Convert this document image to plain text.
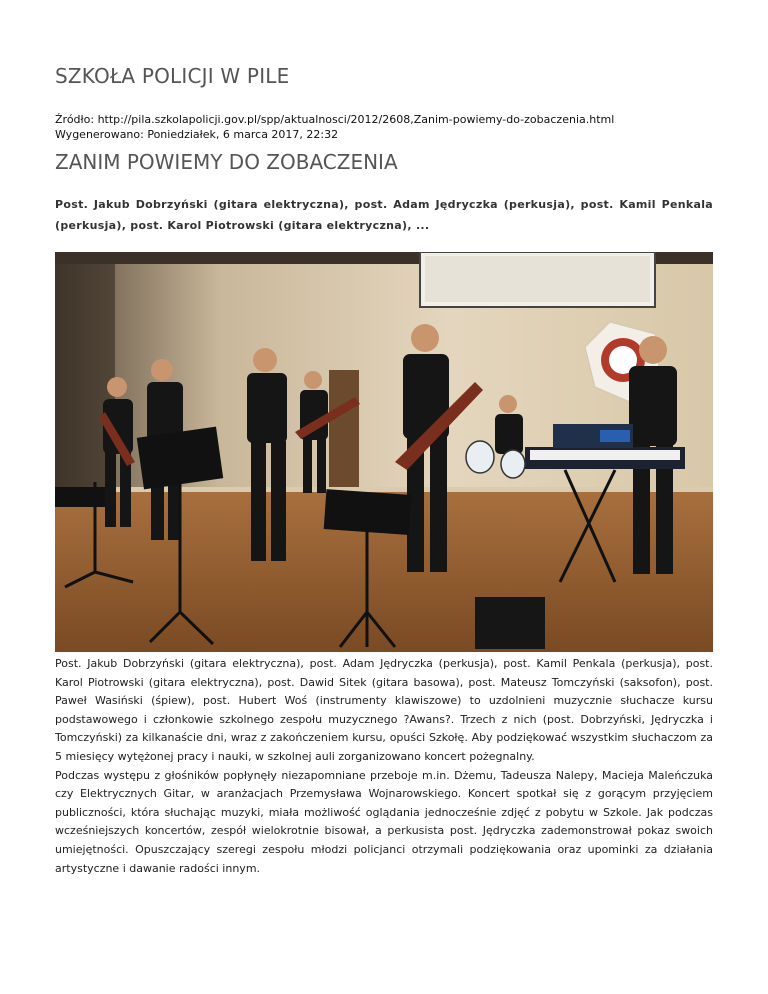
SZKOŁA POLICJI W PILE
Źródło: http://pila.szkolapolicji.gov.pl/spp/aktualnosci/2012/2608,Zanim-powiemy-do-zobaczenia.html
Wygenerowano: Poniedziałek, 6 marca 2017, 22:32
ZANIM POWIEMY DO ZOBACZENIA
Post. Jakub Dobrzyński (gitara elektryczna), post. Adam Jędryczka (perkusja), post. Kamil Penkala (perkusja), post. Karol Piotrowski (gitara elektryczna), ...

Post. Jakub Dobrzyński (gitara elektryczna), post. Adam Jędryczka (perkusja), post. Kamil Penkala (perkusja), post. Karol Piotrowski (gitara elektryczna), post. Dawid Sitek (gitara basowa), post. Mateusz Tomczyński (saksofon), post. Paweł Wasiński (śpiew), post. Hubert Woś (instrumenty klawiszowe) to uzdolnieni muzycznie słuchacze kursu podstawowego i członkowie szkolnego zespołu muzycznego ?Awans?. Trzech z nich (post. Dobrzyński, Jędryczka i Tomczyński) za kilkanaście dni, wraz z zakończeniem kursu, opuści Szkołę. Aby podziękować wszystkim słuchaczom za 5 miesięcy wytężonej pracy i nauki, w szkolnej auli zorganizowano koncert pożegnalny.

Podczas występu z głośników popłynęły niezapomniane przeboje m.in. Dżemu, Tadeusza Nalepy, Macieja Maleńczuka czy Elektrycznych Gitar, w aranżacjach Przemysława Wojnarowskiego. Koncert spotkał się z gorącym przyjęciem publiczności, która słuchając muzyki, miała możliwość oglądania jednocześnie zdjęć z pobytu w Szkole. Jak podczas wcześniejszych koncertów, zespół wielokrotnie bisował, a perkusista post. Jędryczka zademonstrował pokaz swoich umiejętności. Opuszczający szeregi zespołu młodzi policjanci otrzymali podziękowania oraz upominki za działania artystyczne i dawanie radości innym.
